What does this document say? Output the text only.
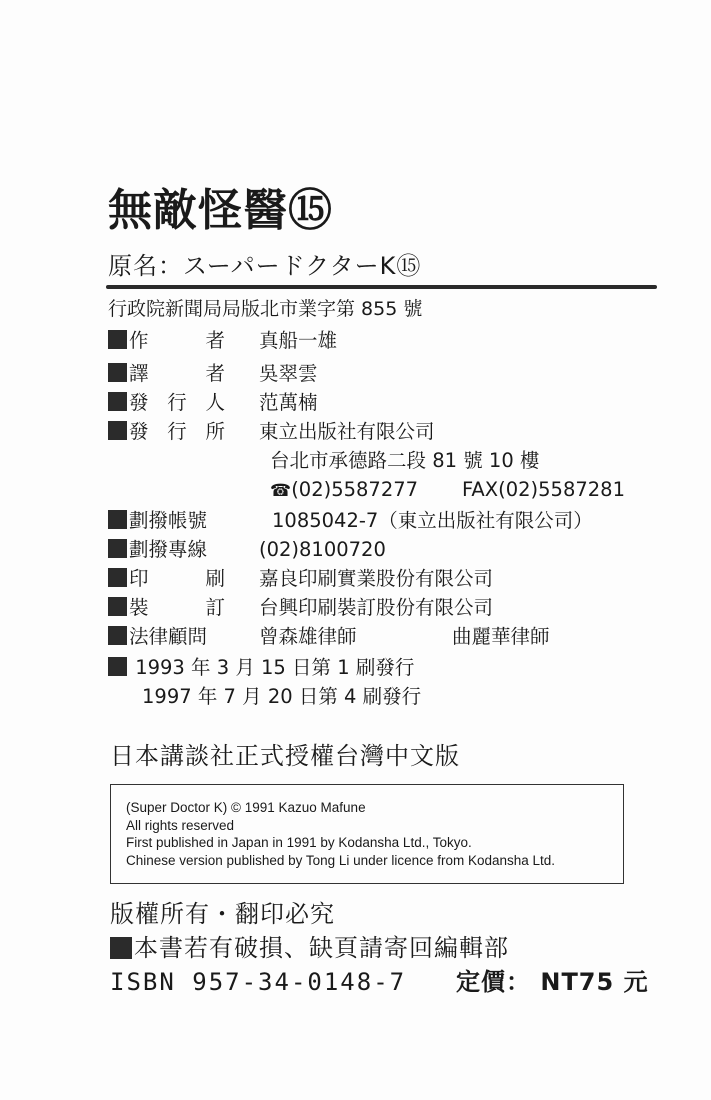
無敵怪醫⑮
原名：スーパードクターK⑮
行政院新聞局局版北市業字第 855 號
作	者 真船一雄
譯	者 吳翠雲
發 行 人 范萬楠
發 行 所 東立出版社有限公司
台北市承德路二段 81 號 10 樓
☎(02)5587277 FAX(02)5587281
劃撥帳號	1085042-7（東立出版社有限公司）
劃撥專線	(02)8100720
印	刷 嘉良印刷實業股份有限公司
裝	訂 台興印刷裝訂股份有限公司
法律顧問	曾森雄律師	曲麗華律師
1993 年 3 月 15 日第 1 刷發行
1997 年 7 月 20 日第 4 刷發行
日本講談社正式授權台灣中文版
(Super Doctor K) © 1991 Kazuo Mafune
All rights reserved
First published in Japan in 1991 by Kodansha Ltd., Tokyo.
Chinese version published by Tong Li under licence from Kodansha Ltd.
版權所有・翻印必究
本書若有破損、缺頁請寄回編輯部
ISBN 957-34-0148-7 定價： NT75 元
